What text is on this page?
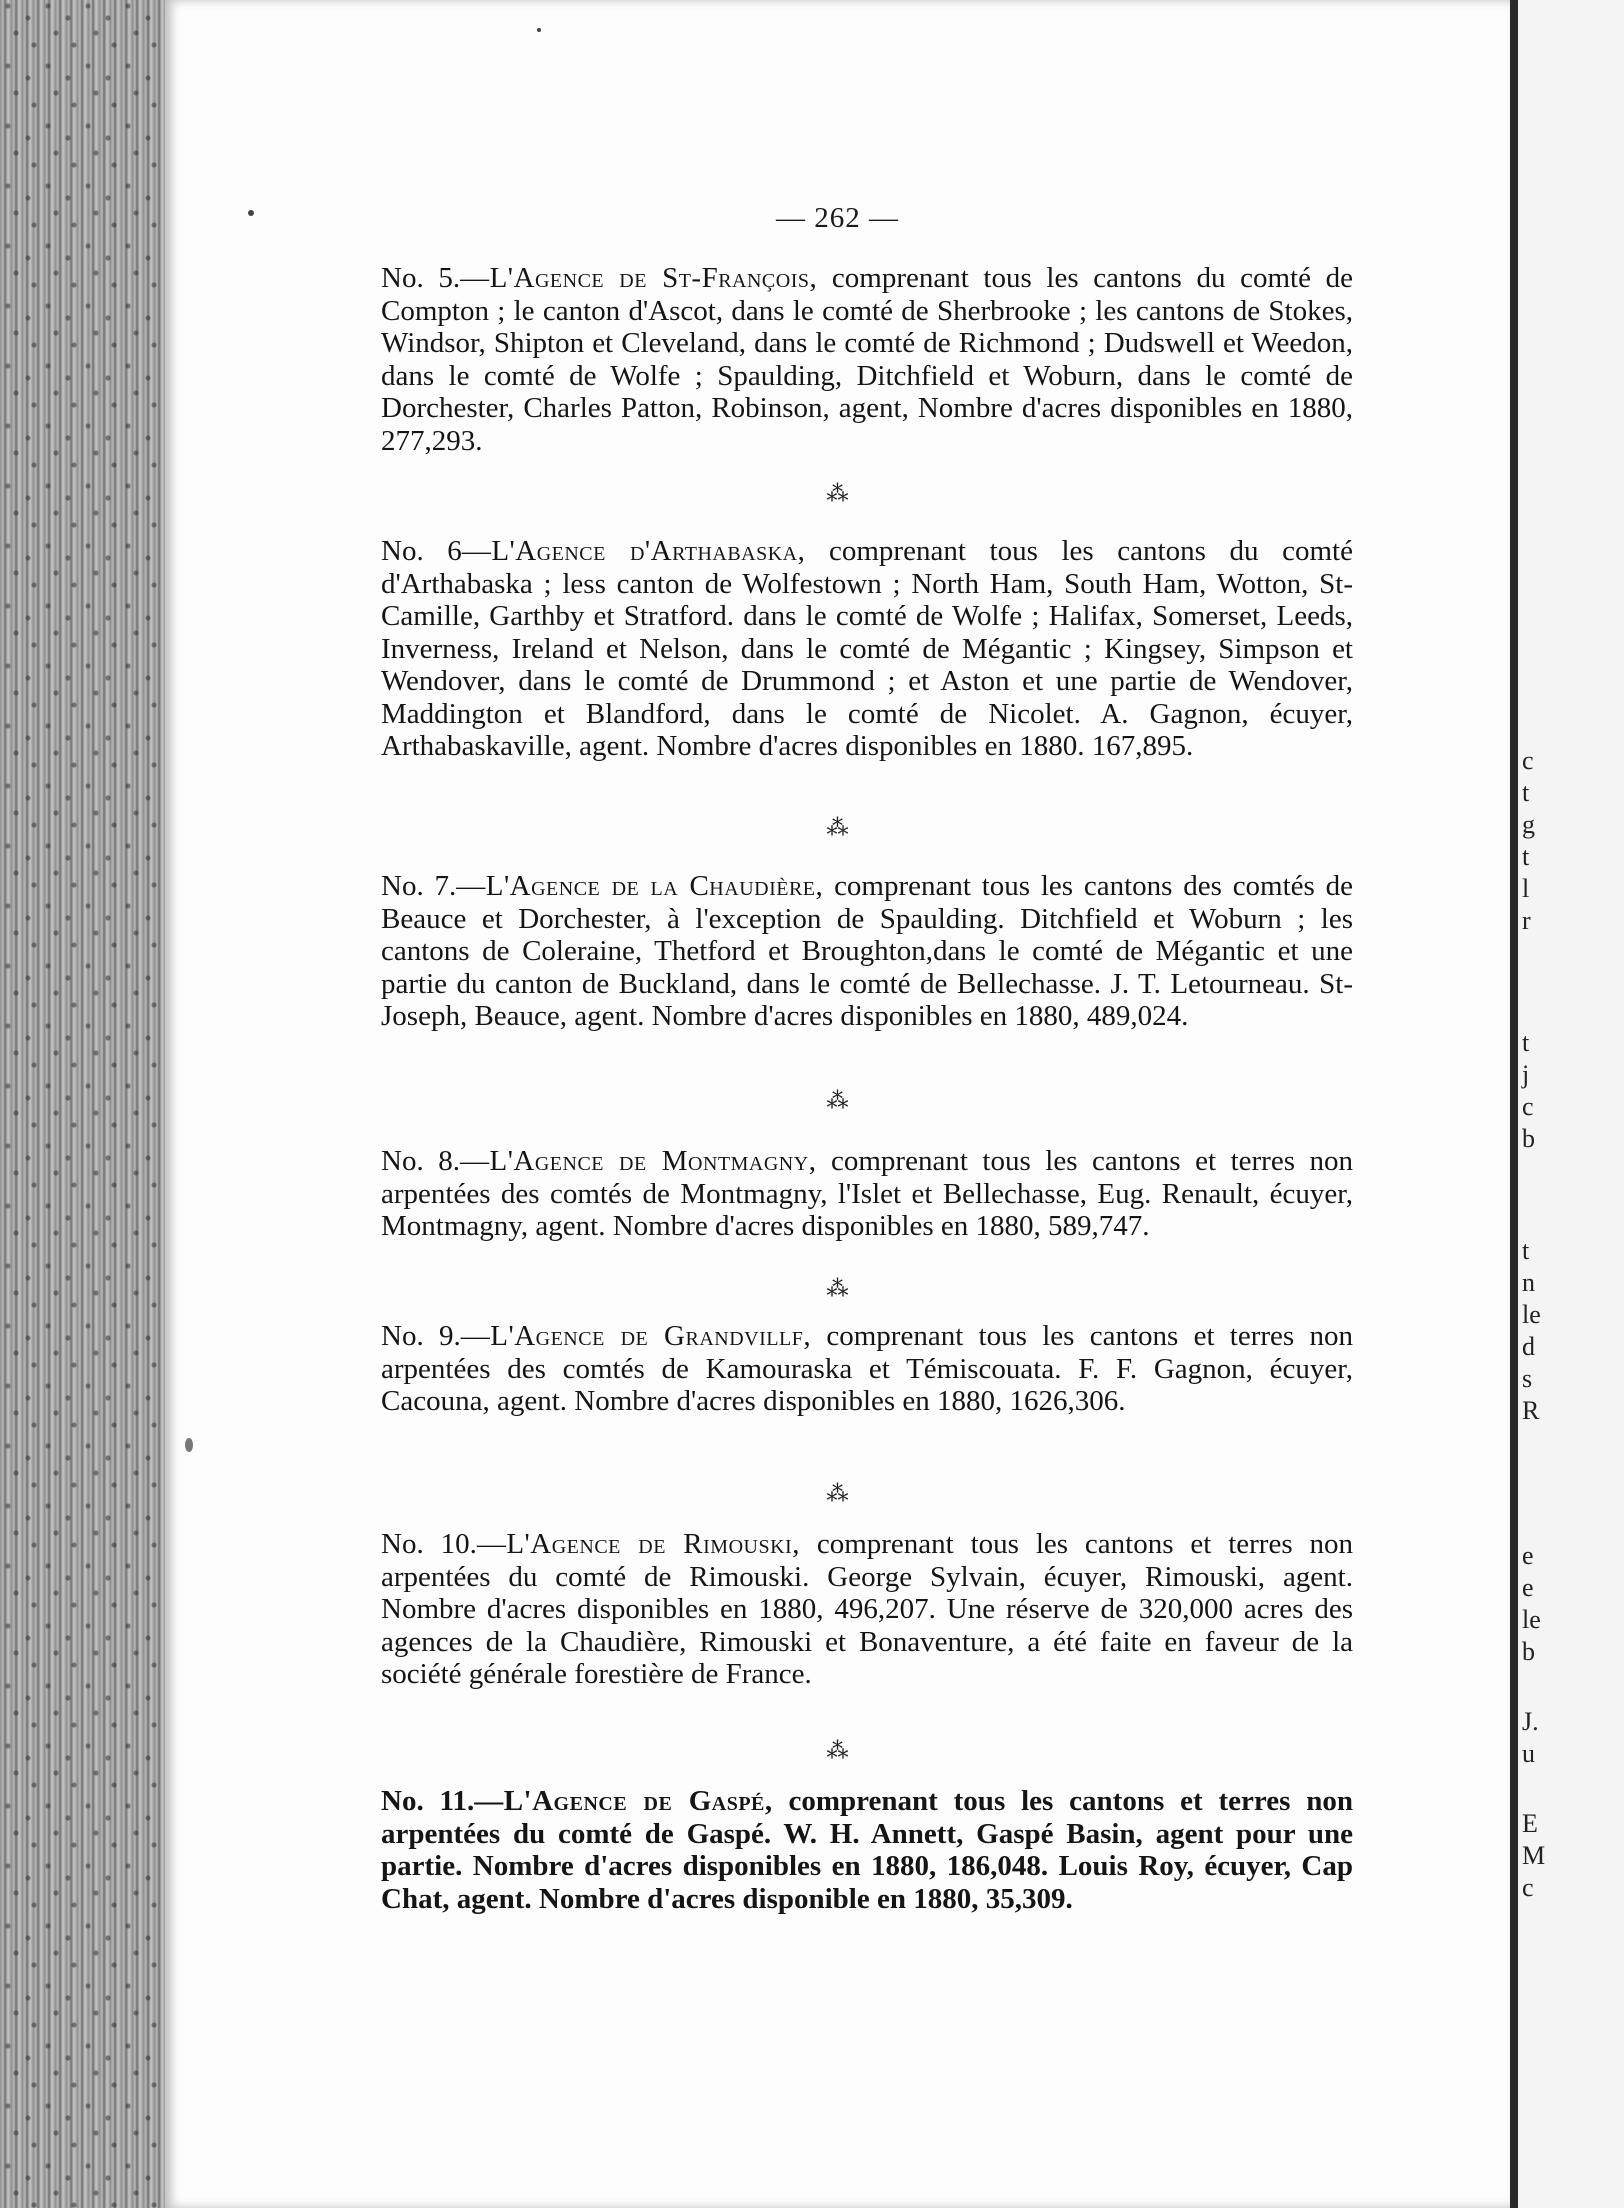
— 262 —
No. 5.—L'Agence de St-François, comprenant tous les cantons du comté de Compton ; le canton d'Ascot, dans le comté de Sherbrooke ; les cantons de Stokes, Windsor, Shipton et Cleveland, dans le comté de Richmond ; Dudswell et Weedon, dans le comté de Wolfe ; Spaulding, Ditchfield et Woburn, dans le comté de Dorchester, Charles Patton, Robinson, agent, Nombre d'acres disponibles en 1880, 277,293.
⁂
No. 6—L'Agence d'Arthabaska, comprenant tous les cantons du comté d'Arthabaska ; less canton de Wolfestown ; North Ham, South Ham, Wotton, St-Camille, Garthby et Stratford. dans le comté de Wolfe ; Halifax, Somerset, Leeds, Inverness, Ireland et Nelson, dans le comté de Mégantic ; Kingsey, Simpson et Wendover, dans le comté de Drummond ; et Aston et une partie de Wendover, Maddington et Blandford, dans le comté de Nicolet. A. Gagnon, écuyer, Arthabaskaville, agent. Nombre d'acres disponibles en 1880. 167,895.
⁂
No. 7.—L'Agence de la Chaudière, comprenant tous les cantons des comtés de Beauce et Dorchester, à l'exception de Spaulding. Ditchfield et Woburn ; les cantons de Coleraine, Thetford et Broughton,dans le comté de Mégantic et une partie du canton de Buckland, dans le comté de Bellechasse. J. T. Letourneau. St-Joseph, Beauce, agent. Nombre d'acres disponibles en 1880, 489,024.
⁂
No. 8.—L'Agence de Montmagny, comprenant tous les cantons et terres non arpentées des comtés de Montmagny, l'Islet et Bellechasse, Eug. Renault, écuyer, Montmagny, agent. Nombre d'acres disponibles en 1880, 589,747.
⁂
No. 9.—L'Agence de Grandvillf, comprenant tous les cantons et terres non arpentées des comtés de Kamouraska et Témiscouata. F. F. Gagnon, écuyer, Cacouna, agent. Nombre d'acres disponibles en 1880, 1626,306.
⁂
No. 10.—L'Agence de Rimouski, comprenant tous les cantons et terres non arpentées du comté de Rimouski. George Sylvain, écuyer, Rimouski, agent. Nombre d'acres disponibles en 1880, 496,207. Une réserve de 320,000 acres des agences de la Chaudière, Rimouski et Bonaventure, a été faite en faveur de la société générale forestière de France.
⁂
No. 11.—L'Agence de Gaspé, comprenant tous les cantons et terres non arpentées du comté de Gaspé. W. H. Annett, Gaspé Basin, agent pour une partie. Nombre d'acres disponibles en 1880, 186,048. Louis Roy, écuyer, Cap Chat, agent. Nombre d'acres disponible en 1880, 35,309.
c
t
g
t
l
r
t
j
c
b
t
n
le
d
s
R
e
e
le
b
J.
u
E
M
c
